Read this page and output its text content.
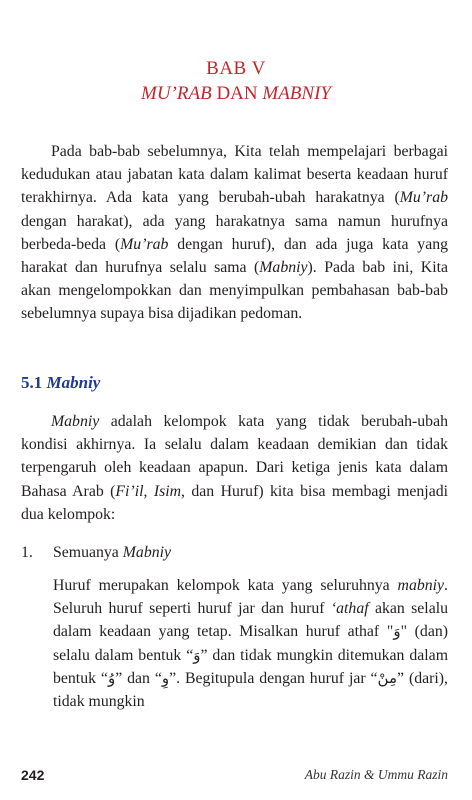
BAB V
MU’RAB DAN MABNIY

Pada bab-bab sebelumnya, Kita telah mempelajari berbagai kedudukan atau jabatan kata dalam kalimat beserta keadaan huruf terakhirnya. Ada kata yang berubah-ubah harakatnya (Mu’rab dengan harakat), ada yang harakatnya sama namun hurufnya berbeda-beda (Mu’rab dengan huruf), dan ada juga kata yang harakat dan hurufnya selalu sama (Mabniy). Pada bab ini, Kita akan mengelompokkan dan menyimpulkan pembahasan bab-bab sebelumnya supaya bisa dijadikan pedoman.

5.1 Mabniy

Mabniy adalah kelompok kata yang tidak berubah-ubah kondisi akhirnya. Ia selalu dalam keadaan demikian dan tidak terpengaruh oleh keadaan apapun. Dari ketiga jenis kata dalam Bahasa Arab (Fi’il, Isim, dan Huruf) kita bisa membagi menjadi dua kelompok:

1. Semuanya Mabniy

Huruf merupakan kelompok kata yang seluruhnya mabniy. Seluruh huruf seperti huruf jar dan huruf ‘athaf akan selalu dalam keadaan yang tetap. Misalkan huruf athaf "وَ" (dan) selalu dalam bentuk “وَ” dan tidak mungkin ditemukan dalam bentuk “وُ” dan “وِ”. Begitupula dengan huruf jar “مِنْ” (dari), tidak mungkin

242	Abu Razin & Ummu Razin
